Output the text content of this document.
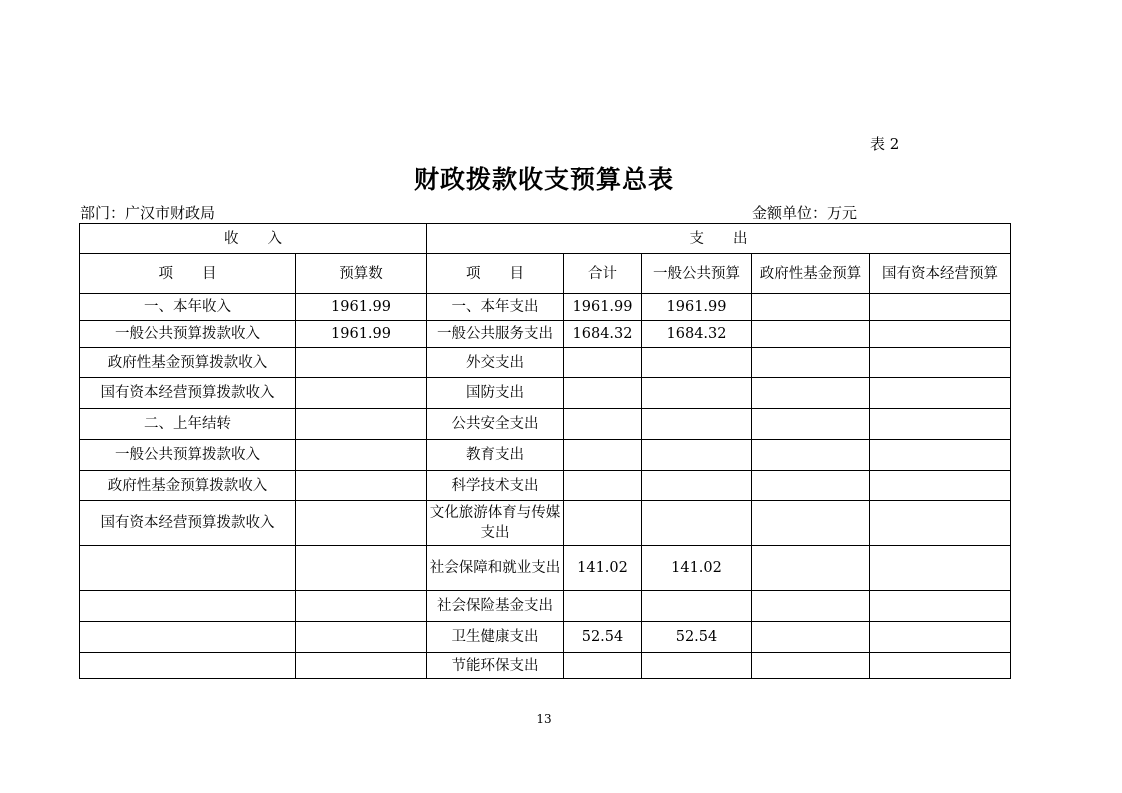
表 2
财政拨款收支预算总表
部门：广汉市财政局	金额单位：万元
收　　入		支　　出				
项　　目	预算数	项　　目	合计	一般公共预算	政府性基金预算	国有资本经营预算
一、本年收入	1961.99	一、本年支出	1961.99	1961.99		
一般公共预算拨款收入	1961.99	一般公共服务支出	1684.32	1684.32		
政府性基金预算拨款收入		外交支出				
国有资本经营预算拨款收入		国防支出				
二、上年结转		公共安全支出				
一般公共预算拨款收入		教育支出				
政府性基金预算拨款收入		科学技术支出				
国有资本经营预算拨款收入		文化旅游体育与传媒支出				
		社会保障和就业支出	141.02	141.02		
		社会保险基金支出				
		卫生健康支出	52.54	52.54		
		节能环保支出				
13
